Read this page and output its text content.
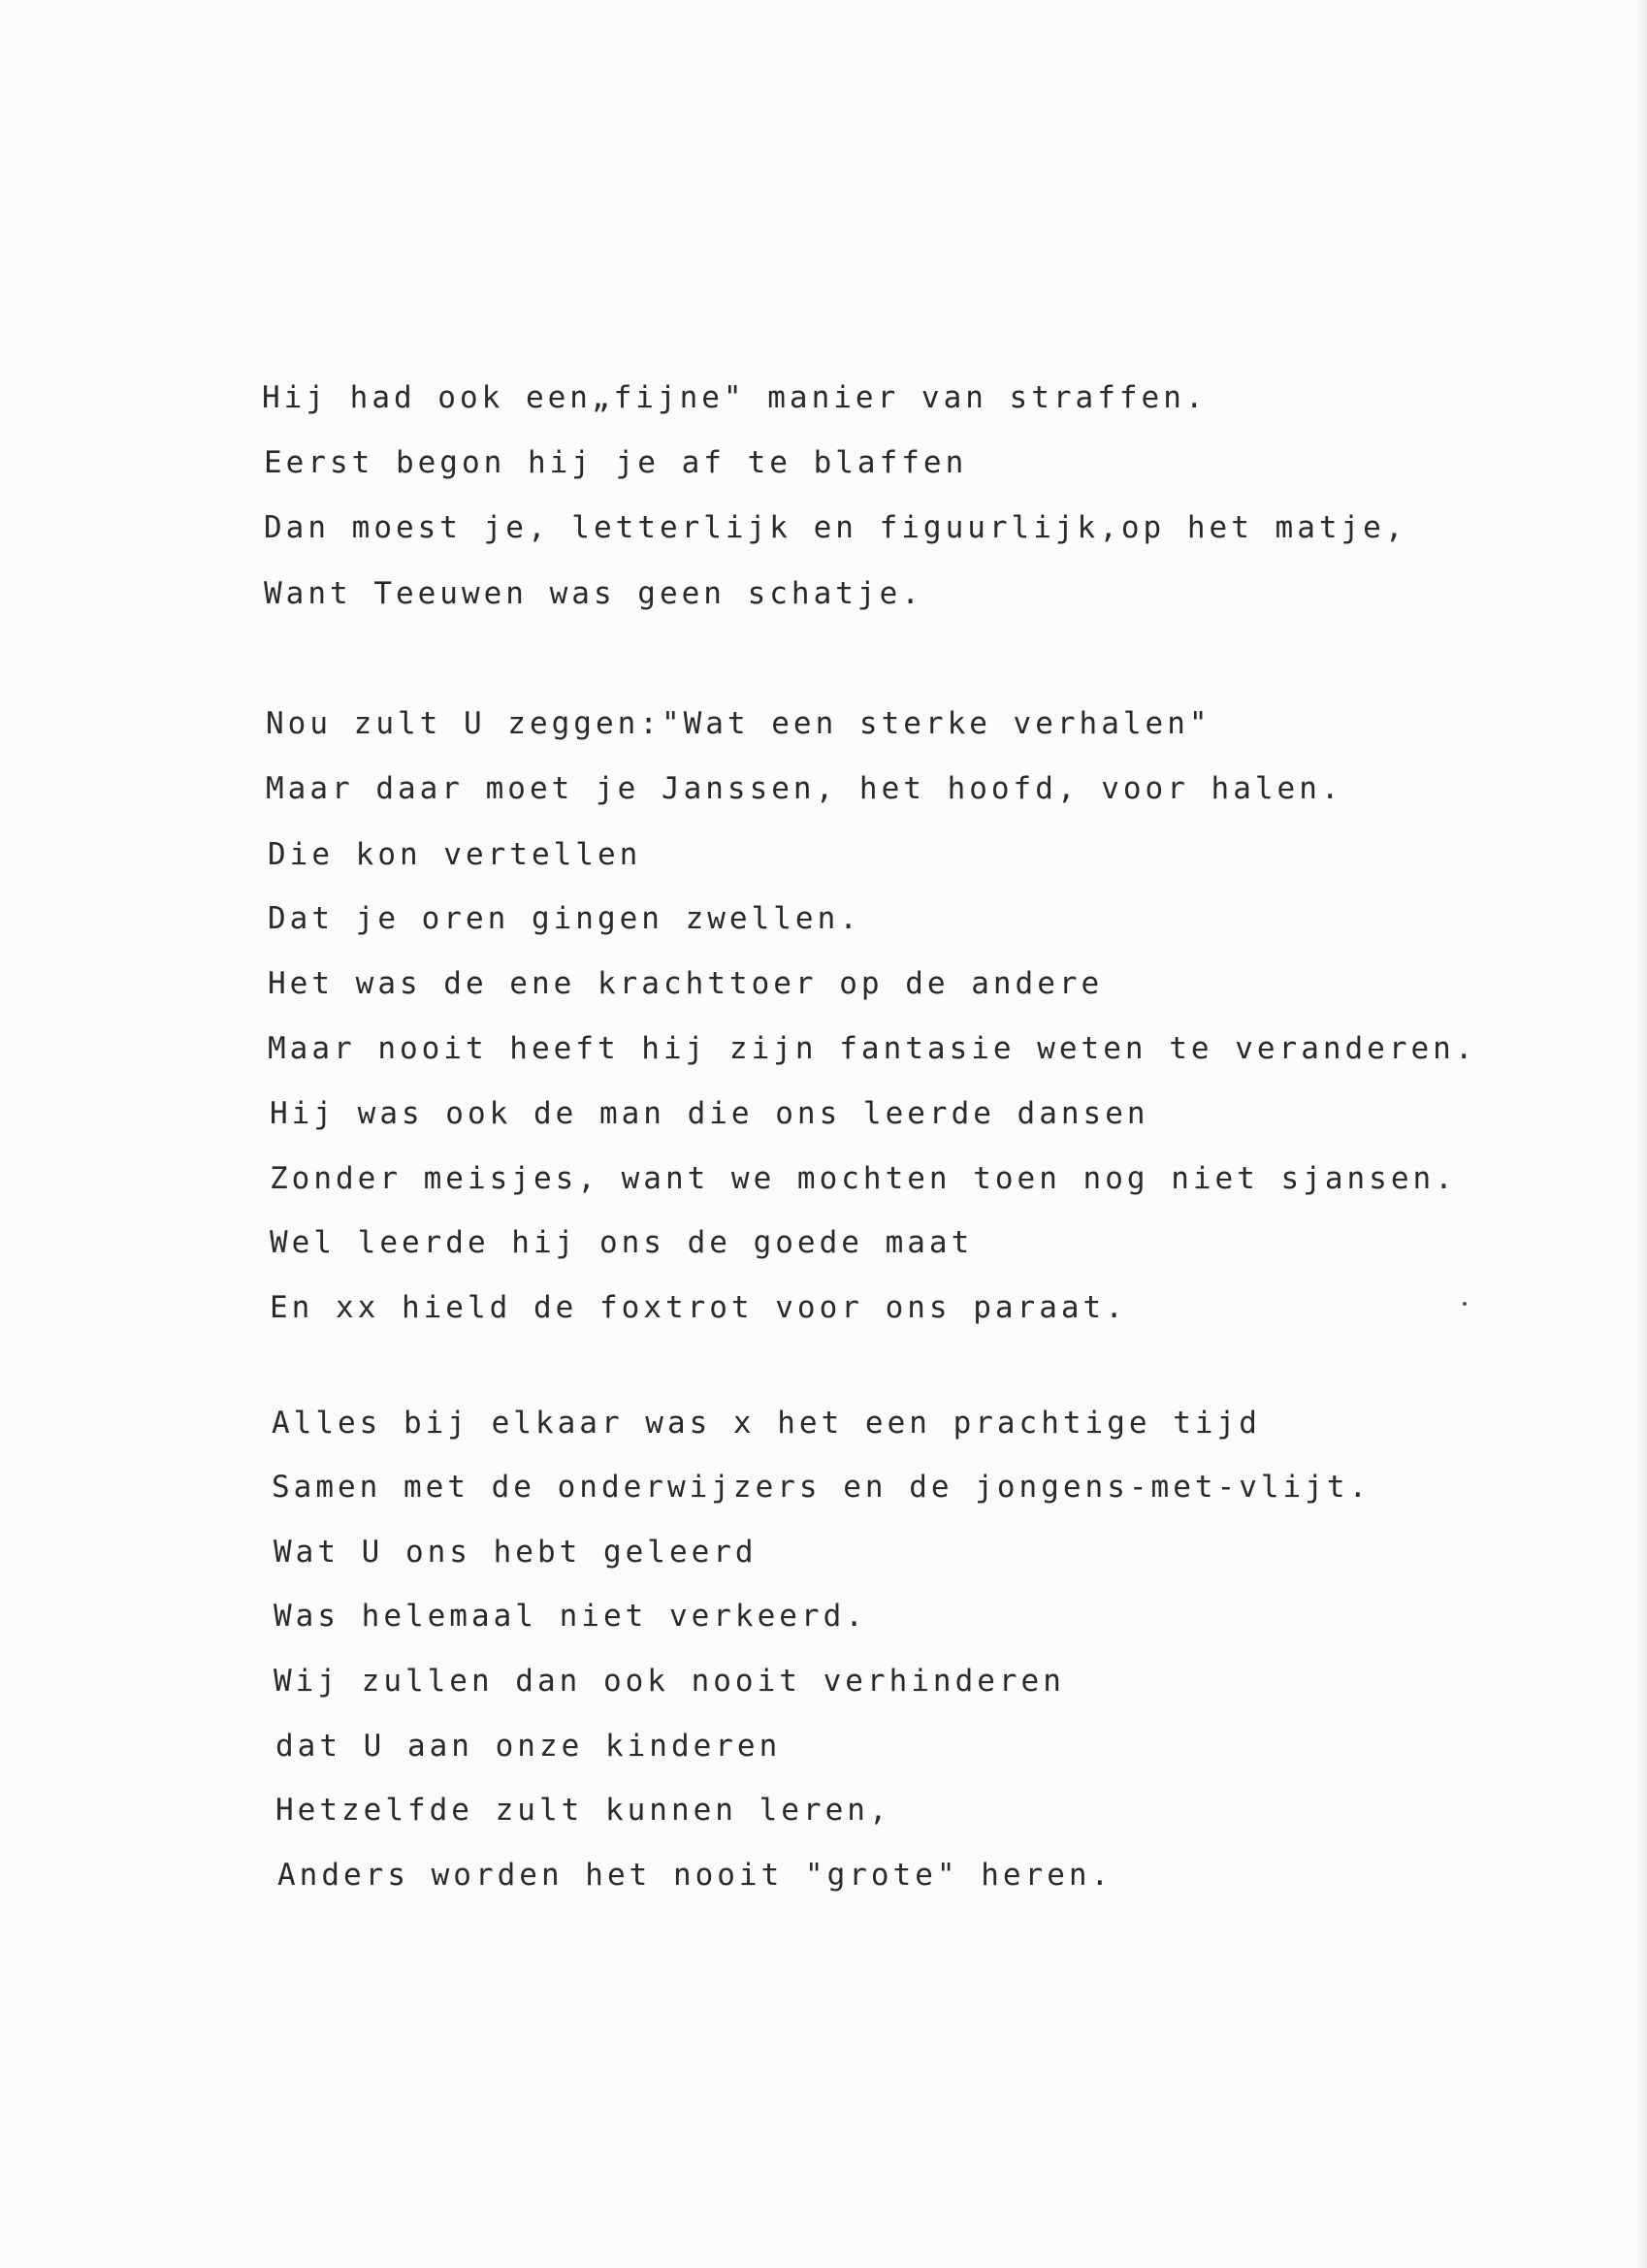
Hij had ook een„fijne" manier van straffen.

Eerst begon hij je af te blaffen

Dan moest je, letterlijk en figuurlijk,op het matje,

Want Teeuwen was geen schatje.

Nou zult U zeggen:"Wat een sterke verhalen"

Maar daar moet je Janssen, het hoofd, voor halen.

Die kon vertellen

Dat je oren gingen zwellen.

Het was de ene krachttoer op de andere

Maar nooit heeft hij zijn fantasie weten te veranderen.

Hij was ook de man die ons leerde dansen

Zonder meisjes, want we mochten toen nog niet sjansen.

Wel leerde hij ons de goede maat

En xx hield de foxtrot voor ons paraat.

Alles bij elkaar was x het een prachtige tijd

Samen met de onderwijzers en de jongens-met-vlijt.

Wat U ons hebt geleerd

Was helemaal niet verkeerd.

Wij zullen dan ook nooit verhinderen

dat U aan onze kinderen

Hetzelfde zult kunnen leren,

Anders worden het nooit "grote" heren.
